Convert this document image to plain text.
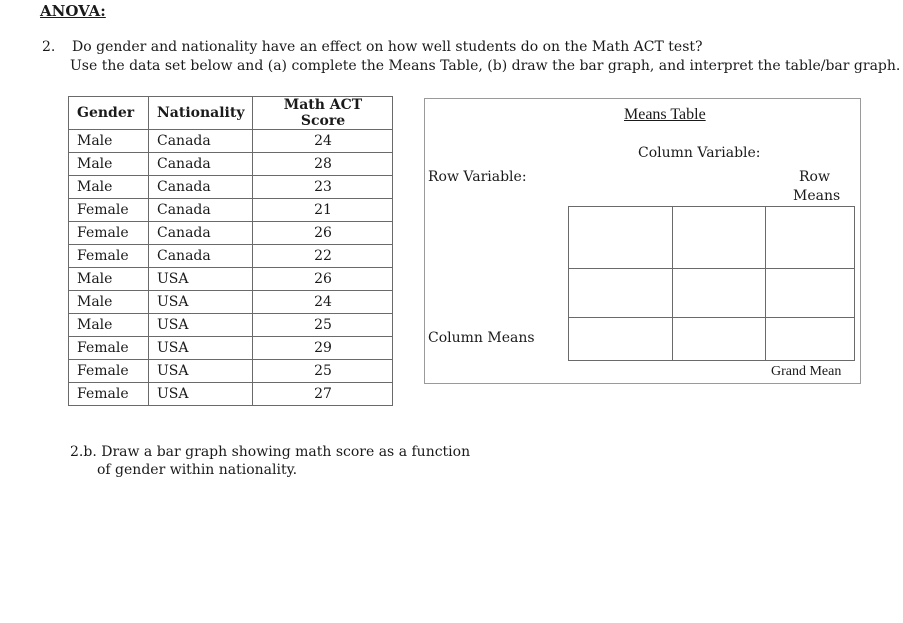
ANOVA:
2. Do gender and nationality have an effect on how well students do on the Math ACT test?
Use the data set below and (a) complete the Means Table, (b) draw the bar graph, and interpret the table/bar graph.
Gender	Nationality	Math ACT Score
Male	Canada	24
Male	Canada	28
Male	Canada	23
Female	Canada	21
Female	Canada	26
Female	Canada	22
Male	USA	26
Male	USA	24
Male	USA	25
Female	USA	29
Female	USA	25
Female	USA	27
Means Table
Column Variable:
Row Variable:	Row
Means

Column Means
Grand Mean
2.b. Draw a bar graph showing math score as a function
of gender within nationality.
